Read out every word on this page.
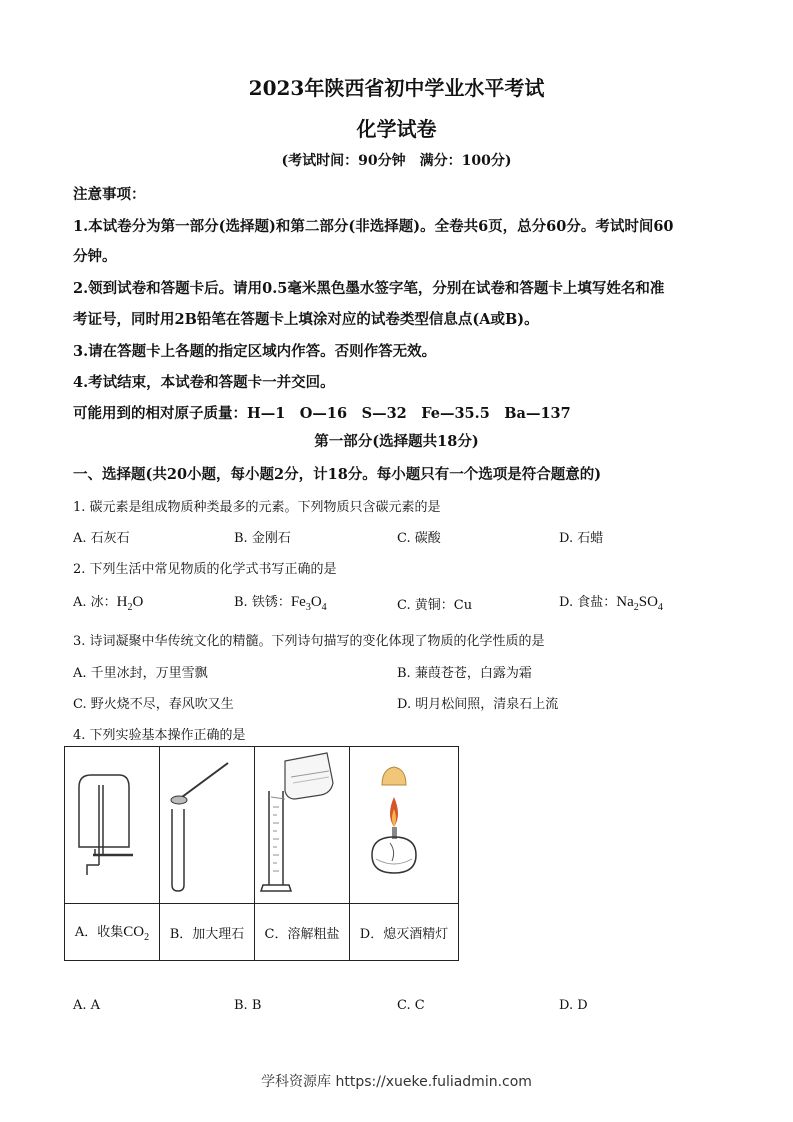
2023年陕西省初中学业水平考试
化学试卷
(考试时间：90分钟　满分：100分)
注意事项：
1.本试卷分为第一部分(选择题)和第二部分(非选择题)。全卷共6页，总分60分。考试时间60
分钟。
2.领到试卷和答题卡后。请用0.5毫米黑色墨水签字笔，分别在试卷和答题卡上填写姓名和准
考证号，同时用2B铅笔在答题卡上填涂对应的试卷类型信息点(A或B)。
3.请在答题卡上各题的指定区域内作答。否则作答无效。
4.考试结束，本试卷和答题卡一并交回。
可能用到的相对原子质量：H—1　O—16　S—32　Fe—35.5　Ba—137
第一部分(选择题共18分)
一、选择题(共20小题，每小题2分，计18分。每小题只有一个选项是符合题意的)
1. 碳元素是组成物质种类最多的元素。下列物质只含碳元素的是
A. 石灰石	B. 金刚石	C. 碳酸	D. 石蜡
2. 下列生活中常见物质的化学式书写正确的是
A. 冰：$H_2O$	B. 铁锈：$Fe_3O_4$	C. 黄铜：Cu	D. 食盐：$Na_2SO_4$
3. 诗词凝聚中华传统文化的精髓。下列诗句描写的变化体现了物质的化学性质的是
A. 千里冰封，万里雪飘	B. 蒹葭苍苍，白露为霜
C. 野火烧不尽，春风吹又生	D. 明月松间照，清泉石上流
4. 下列实验基本操作正确的是

A．收集$CO_2$	B．加大理石	C．溶解粗盐	D．熄灭酒精灯
A. A	B. B	C. C	D. D
学科资源库 https://xueke.fuliadmin.com
